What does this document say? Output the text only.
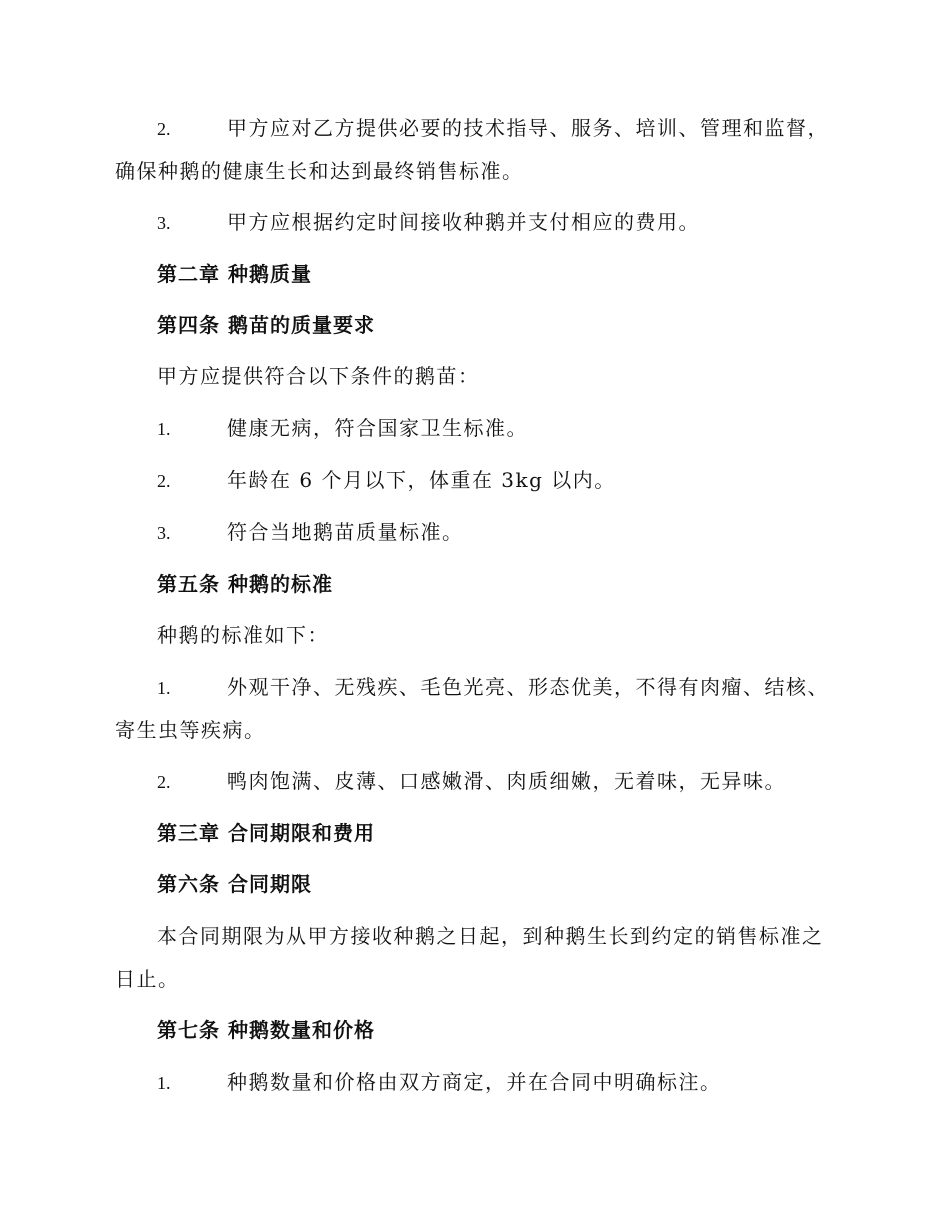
2.	甲方应对乙方提供必要的技术指导、服务、培训、管理和监督，
确保种鹅的健康生长和达到最终销售标准。
3.	甲方应根据约定时间接收种鹅并支付相应的费用。
第二章 种鹅质量
第四条 鹅苗的质量要求
甲方应提供符合以下条件的鹅苗：
1.	健康无病，符合国家卫生标准。
2.	年龄在 6 个月以下，体重在 3kg 以内。
3.	符合当地鹅苗质量标准。
第五条 种鹅的标准
种鹅的标准如下：
1.	外观干净、无残疾、毛色光亮、形态优美，不得有肉瘤、结核、
寄生虫等疾病。
2.	鸭肉饱满、皮薄、口感嫩滑、肉质细嫩，无着味，无异味。
第三章 合同期限和费用
第六条 合同期限
本合同期限为从甲方接收种鹅之日起，到种鹅生长到约定的销售标准之
日止。
第七条 种鹅数量和价格
1.	种鹅数量和价格由双方商定，并在合同中明确标注。
